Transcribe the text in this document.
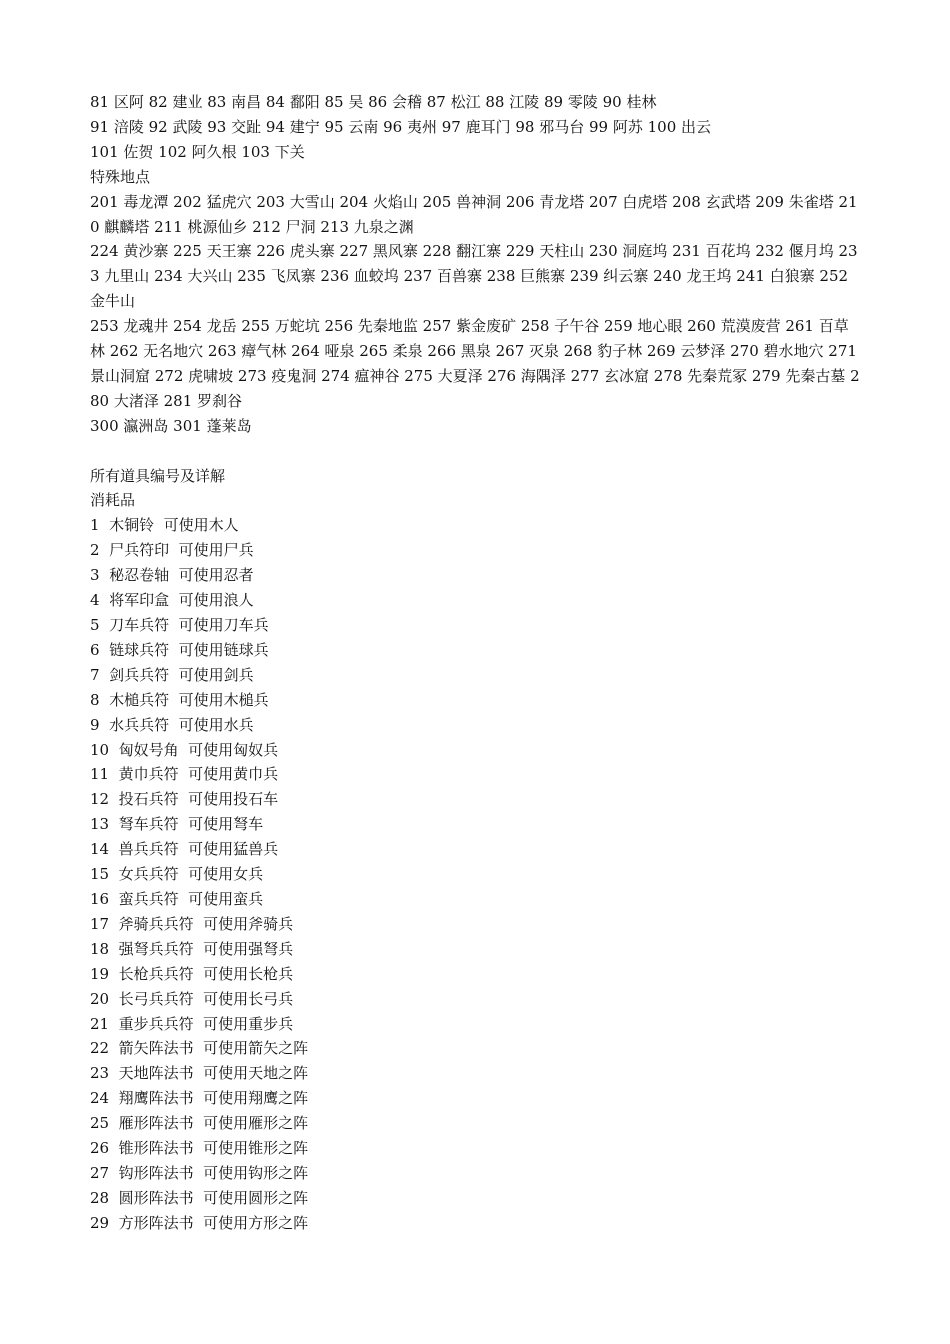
81 区阿 82 建业 83 南昌 84 鄱阳 85 吴 86 会稽 87 松江 88 江陵 89 零陵 90 桂林

91 涪陵 92 武陵 93 交趾 94 建宁 95 云南 96 夷州 97 鹿耳门 98 邪马台 99 阿苏 100 出云

101 佐贺 102 阿久根 103 下关

特殊地点

201 毒龙潭 202 猛虎穴 203 大雪山 204 火焰山 205 兽神洞 206 青龙塔 207 白虎塔 208 玄武塔 209 朱雀塔 210 麒麟塔 211 桃源仙乡 212 尸洞 213 九泉之渊

224 黄沙寨 225 天王寨 226 虎头寨 227 黑风寨 228 翻江寨 229 天柱山 230 洞庭坞 231 百花坞 232 偃月坞 233 九里山 234 大兴山 235 飞凤寨 236 血蛟坞 237 百兽寨 238 巨熊寨 239 纠云寨 240 龙王坞 241 白狼寨 252 金牛山

253 龙魂井 254 龙岳 255 万蛇坑 256 先秦地监 257 紫金废矿 258 子午谷 259 地心眼 260 荒漠废营 261 百草林 262 无名地穴 263 瘴气林 264 哑泉 265 柔泉 266 黑泉 267 灭泉 268 豹子林 269 云梦泽 270 碧水地穴 271 景山洞窟 272 虎啸坡 273 疫鬼洞 274 瘟神谷 275 大夏泽 276 海隅泽 277 玄冰窟 278 先秦荒冢 279 先秦古墓 280 大渚泽 281 罗刹谷

300 瀛洲岛 301 蓬莱岛

所有道具编号及详解

消耗品

1  木铜铃  可使用木人

2  尸兵符印  可使用尸兵

3  秘忍卷轴  可使用忍者

4  将军印盒  可使用浪人

5  刀车兵符  可使用刀车兵

6  链球兵符  可使用链球兵

7  剑兵兵符  可使用剑兵

8  木槌兵符  可使用木槌兵

9  水兵兵符  可使用水兵

10  匈奴号角  可使用匈奴兵

11  黄巾兵符  可使用黄巾兵

12  投石兵符  可使用投石车

13  弩车兵符  可使用弩车

14  兽兵兵符  可使用猛兽兵

15  女兵兵符  可使用女兵

16  蛮兵兵符  可使用蛮兵

17  斧骑兵兵符  可使用斧骑兵

18  强弩兵兵符  可使用强弩兵

19  长枪兵兵符  可使用长枪兵

20  长弓兵兵符  可使用长弓兵

21  重步兵兵符  可使用重步兵

22  箭矢阵法书  可使用箭矢之阵

23  天地阵法书  可使用天地之阵

24  翔鹰阵法书  可使用翔鹰之阵

25  雁形阵法书  可使用雁形之阵

26  锥形阵法书  可使用锥形之阵

27  钩形阵法书  可使用钩形之阵

28  圆形阵法书  可使用圆形之阵

29  方形阵法书  可使用方形之阵
